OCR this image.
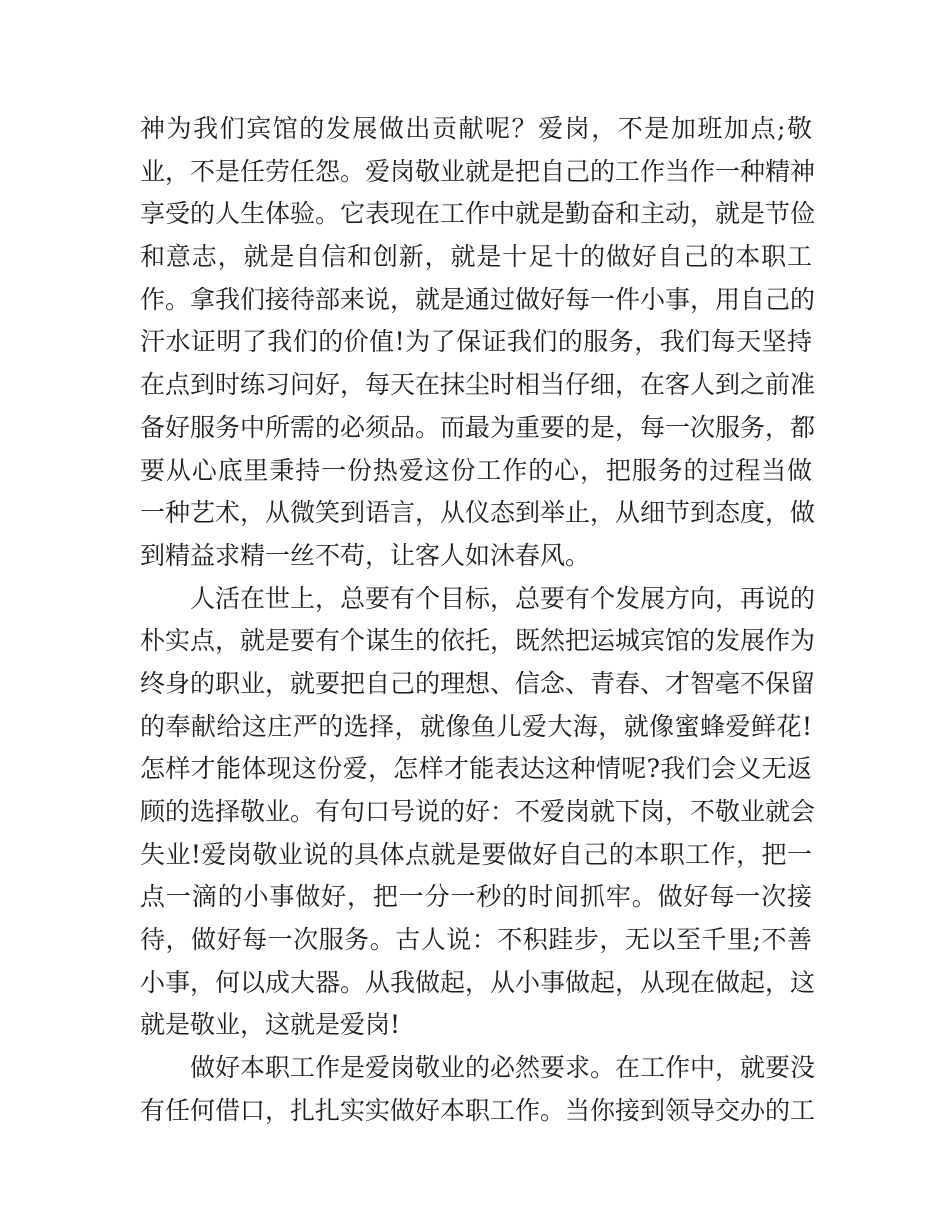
神为我们宾馆的发展做出贡献呢？爱岗，不是加班加点;敬
业，不是任劳任怨。爱岗敬业就是把自己的工作当作一种精神
享受的人生体验。它表现在工作中就是勤奋和主动，就是节俭
和意志，就是自信和创新，就是十足十的做好自己的本职工
作。拿我们接待部来说，就是通过做好每一件小事，用自己的
汗水证明了我们的价值!为了保证我们的服务，我们每天坚持
在点到时练习问好，每天在抹尘时相当仔细，在客人到之前准
备好服务中所需的必须品。而最为重要的是，每一次服务，都
要从心底里秉持一份热爱这份工作的心，把服务的过程当做
一种艺术，从微笑到语言，从仪态到举止，从细节到态度，做
到精益求精一丝不苟，让客人如沐春风。
人活在世上，总要有个目标，总要有个发展方向，再说的
朴实点，就是要有个谋生的依托，既然把运城宾馆的发展作为
终身的职业，就要把自己的理想、信念、青春、才智毫不保留
的奉献给这庄严的选择，就像鱼儿爱大海，就像蜜蜂爱鲜花!
怎样才能体现这份爱，怎样才能表达这种情呢?我们会义无返
顾的选择敬业。有句口号说的好：不爱岗就下岗，不敬业就会
失业!爱岗敬业说的具体点就是要做好自己的本职工作，把一
点一滴的小事做好，把一分一秒的时间抓牢。做好每一次接
待，做好每一次服务。古人说：不积跬步，无以至千里;不善
小事，何以成大器。从我做起，从小事做起，从现在做起，这
就是敬业，这就是爱岗!
做好本职工作是爱岗敬业的必然要求。在工作中，就要没
有任何借口，扎扎实实做好本职工作。当你接到领导交办的工
